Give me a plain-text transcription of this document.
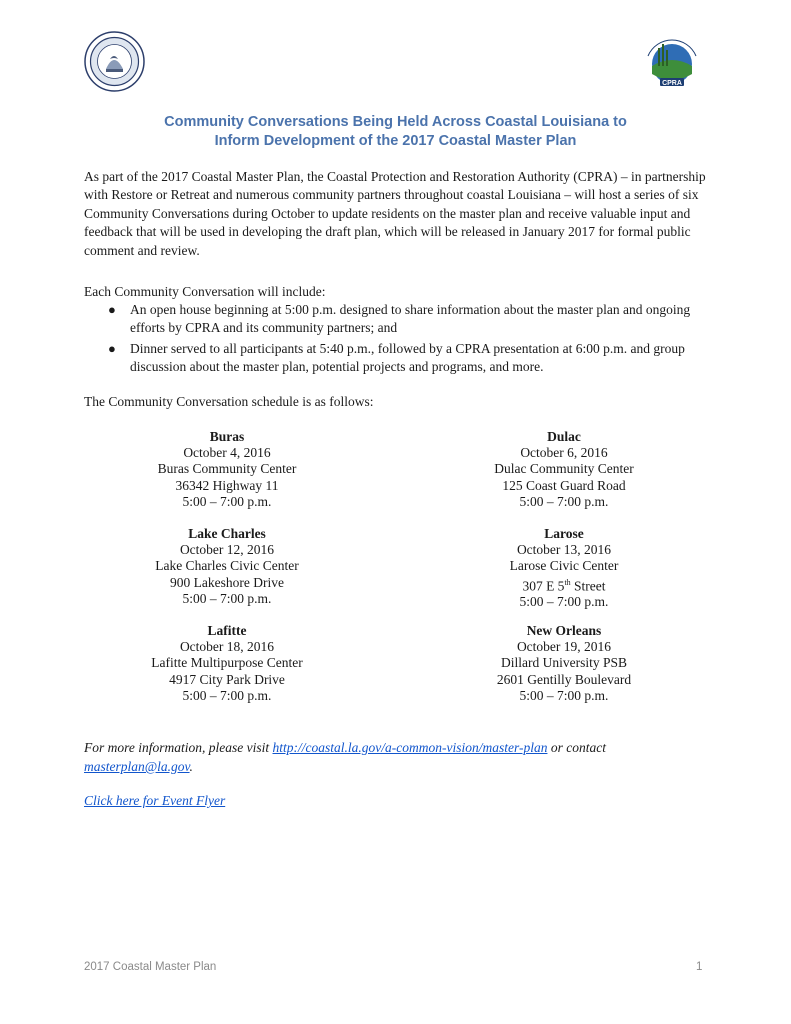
CPRA
Community Conversations Being Held Across Coastal Louisiana to
Inform Development of the 2017 Coastal Master Plan

As part of the 2017 Coastal Master Plan, the Coastal Protection and Restoration Authority (CPRA) – in partnership with Restore or Retreat and numerous community partners throughout coastal Louisiana – will host a series of six Community Conversations during October to update residents on the master plan and receive valuable input and feedback that will be used in developing the draft plan, which will be released in January 2017 for formal public comment and review.

Each Community Conversation will include:

● An open house beginning at 5:00 p.m. designed to share information about the master plan and ongoing efforts by CPRA and its community partners; and
● Dinner served to all participants at 5:40 p.m., followed by a CPRA presentation at 6:00 p.m. and group discussion about the master plan, potential projects and programs, and more.

The Community Conversation schedule is as follows:

Buras
October 4, 2016
Buras Community Center
36342 Highway 11
5:00 – 7:00 p.m.
Dulac
October 6, 2016
Dulac Community Center
125 Coast Guard Road
5:00 – 7:00 p.m.
Lake Charles
October 12, 2016
Lake Charles Civic Center
900 Lakeshore Drive
5:00 – 7:00 p.m.
Larose
October 13, 2016
Larose Civic Center
307 E 5th Street
5:00 – 7:00 p.m.
Lafitte
October 18, 2016
Lafitte Multipurpose Center
4917 City Park Drive
5:00 – 7:00 p.m.
New Orleans
October 19, 2016
Dillard University PSB
2601 Gentilly Boulevard
5:00 – 7:00 p.m.

For more information, please visit http://coastal.la.gov/a-common-vision/master-plan or contact masterplan@la.gov.

Click here for Event Flyer
2017 Coastal Master Plan	1
